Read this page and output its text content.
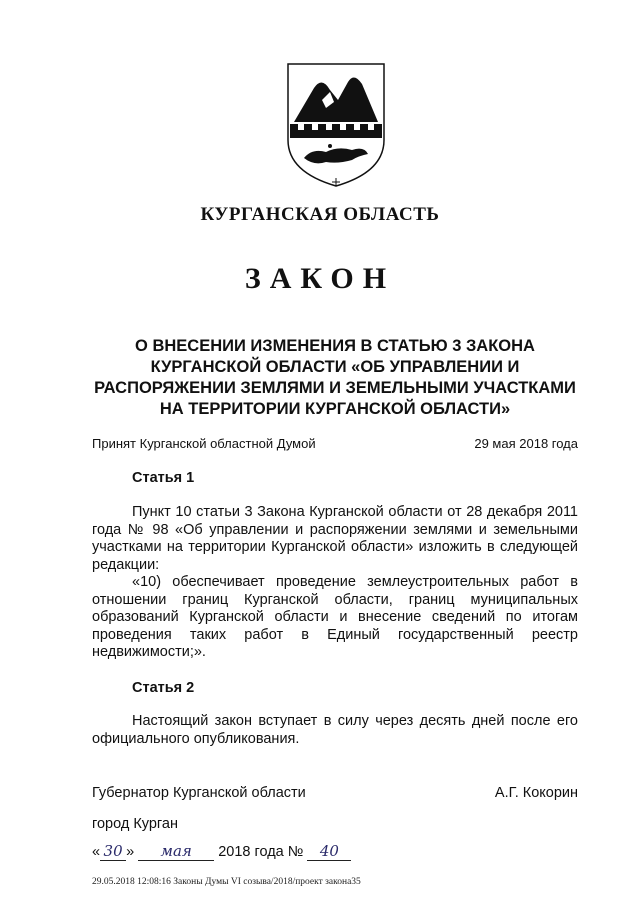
КУРГАНСКАЯ ОБЛАСТЬ
ЗАКОН
О ВНЕСЕНИИ ИЗМЕНЕНИЯ В СТАТЬЮ 3 ЗАКОНА КУРГАНСКОЙ ОБЛАСТИ «ОБ УПРАВЛЕНИИ И РАСПОРЯЖЕНИИ ЗЕМЛЯМИ И ЗЕМЕЛЬНЫМИ УЧАСТКАМИ НА ТЕРРИТОРИИ КУРГАНСКОЙ ОБЛАСТИ»
Принят Курганской областной Думой	29 мая 2018 года
Статья 1

Пункт 10 статьи 3 Закона Курганской области от 28 декабря 2011 года № 98 «Об управлении и распоряжении землями и земельными участками на территории Курганской области» изложить в следующей редакции:

«10) обеспечивает проведение землеустроительных работ в отношении границ Курганской области, границ муниципальных образований Курганской области и внесение сведений по итогам проведения таких работ в Единый государственный реестр недвижимости;».

Статья 2

Настоящий закон вступает в силу через десять дней после его официального опубликования.

Губернатор Курганской области	А.Г. Кокорин
город Курган
« 30 » мая 2018 года № 40
29.05.2018 12:08:16 Законы Думы VI созыва/2018/проект закона35
